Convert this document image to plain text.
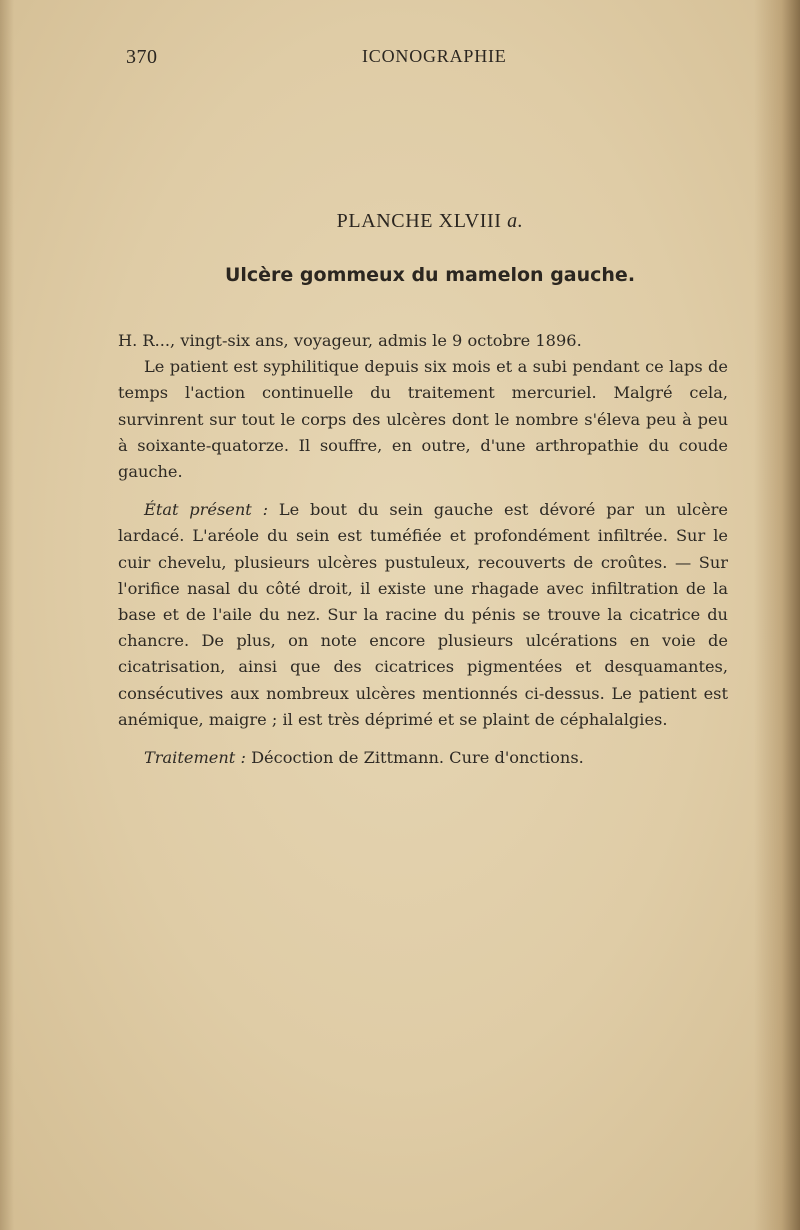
370	ICONOGRAPHIE
PLANCHE XLVIII a.
Ulcère gommeux du mamelon gauche.

H. R..., vingt-six ans, voyageur, admis le 9 octobre 1896.

Le patient est syphilitique depuis six mois et a subi pendant ce laps de temps l'action continuelle du traitement mercuriel. Malgré cela, survinrent sur tout le corps des ulcères dont le nombre s'éleva peu à peu à soixante-quatorze. Il souffre, en outre, d'une arthropathie du coude gauche.

État présent : Le bout du sein gauche est dévoré par un ulcère lardacé. L'aréole du sein est tuméfiée et profondément infiltrée. Sur le cuir chevelu, plusieurs ulcères pustuleux, recouverts de croûtes. — Sur l'orifice nasal du côté droit, il existe une rhagade avec infiltration de la base et de l'aile du nez. Sur la racine du pénis se trouve la cicatrice du chancre. De plus, on note encore plusieurs ulcérations en voie de cicatrisation, ainsi que des cicatrices pigmentées et desquamantes, consécutives aux nombreux ulcères mentionnés ci-dessus. Le patient est anémique, maigre ; il est très déprimé et se plaint de céphalalgies.

Traitement : Décoction de Zittmann. Cure d'onctions.
